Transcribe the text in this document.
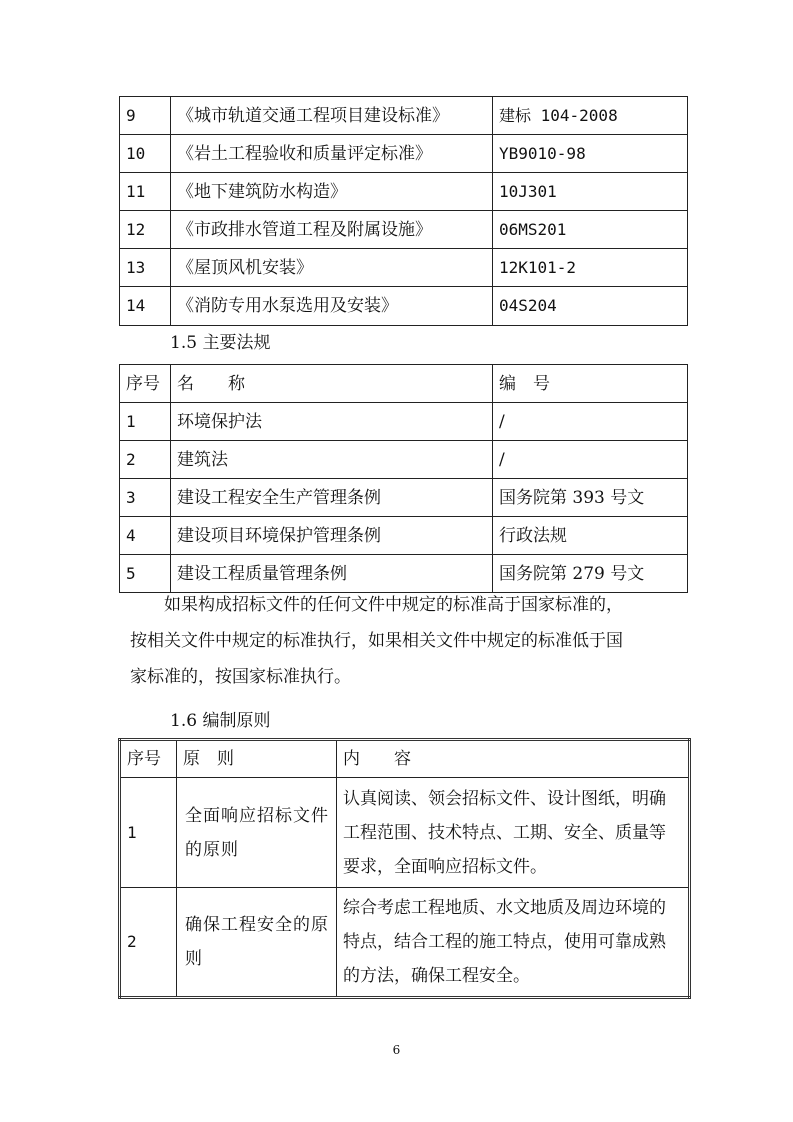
9	《城市轨道交通工程项目建设标准》	建标 104-2008
10	《岩土工程验收和质量评定标准》	YB9010-98
11	《地下建筑防水构造》	10J301
12	《市政排水管道工程及附属设施》	06MS201
13	《屋顶风机安装》	12K101-2
14	《消防专用水泵选用及安装》	04S204
1.5 主要法规
序号	名　　称	编　号
1	环境保护法	/
2	建筑法	/
3	建设工程安全生产管理条例	国务院第 393 号文
4	建设项目环境保护管理条例	行政法规
5	建设工程质量管理条例	国务院第 279 号文
　　如果构成招标文件的任何文件中规定的标准高于国家标准的，
按相关文件中规定的标准执行，如果相关文件中规定的标准低于国
家标准的，按国家标准执行。
1.6 编制原则
序号	原　则	内　　容
1	全面响应招标文件的原则	认真阅读、领会招标文件、设计图纸，明确工程范围、技术特点、工期、安全、质量等要求，全面响应招标文件。
2	确保工程安全的原则	综合考虑工程地质、水文地质及周边环境的特点，结合工程的施工特点，使用可靠成熟的方法，确保工程安全。
6
